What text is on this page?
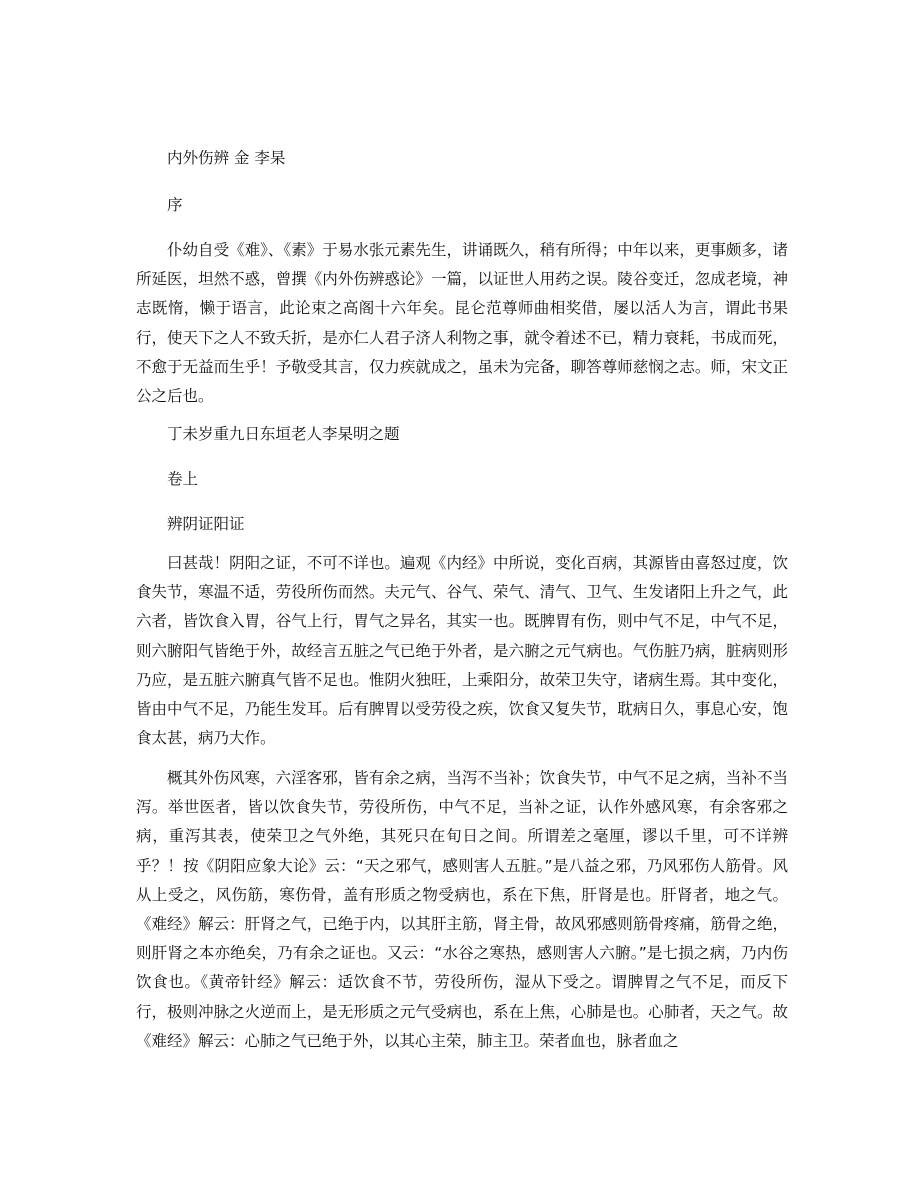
内外伤辨 金 李杲

序

仆幼自受《难》、《素》于易水张元素先生，讲诵既久，稍有所得；中年以来，更事颇多，诸所延医，坦然不惑，曾撰《内外伤辨惑论》一篇，以证世人用药之误。陵谷变迁，忽成老境，神志既惰，懒于语言，此论束之高阁十六年矣。昆仑范尊师曲相奖借，屡以活人为言，谓此书果行，使天下之人不致夭折，是亦仁人君子济人利物之事，就令着述不已，精力衰耗，书成而死，不愈于无益而生乎！予敬受其言，仅力疾就成之，虽未为完备，聊答尊师慈悯之志。师，宋文正公之后也。

丁未岁重九日东垣老人李杲明之题

卷上

辨阴证阳证

曰甚哉！阴阳之证，不可不详也。遍观《内经》中所说，变化百病，其源皆由喜怒过度，饮食失节，寒温不适，劳役所伤而然。夫元气、谷气、荣气、清气、卫气、生发诸阳上升之气，此六者，皆饮食入胃，谷气上行，胃气之异名，其实一也。既脾胃有伤，则中气不足，中气不足，则六腑阳气皆绝于外，故经言五脏之气已绝于外者，是六腑之元气病也。气伤脏乃病，脏病则形乃应，是五脏六腑真气皆不足也。惟阴火独旺，上乘阳分，故荣卫失守，诸病生焉。其中变化，皆由中气不足，乃能生发耳。后有脾胃以受劳役之疾，饮食又复失节，耽病日久，事息心安，饱食太甚，病乃大作。

概其外伤风寒，六淫客邪，皆有余之病，当泻不当补；饮食失节，中气不足之病，当补不当泻。举世医者，皆以饮食失节，劳役所伤，中气不足，当补之证，认作外感风寒，有余客邪之病，重泻其表，使荣卫之气外绝，其死只在旬日之间。所谓差之毫厘，谬以千里，可不详辨乎？！按《阴阳应象大论》云：“天之邪气，感则害人五脏。”是八益之邪，乃风邪伤人筋骨。风从上受之，风伤筋，寒伤骨，盖有形质之物受病也，系在下焦，肝肾是也。肝肾者，地之气。《难经》解云：肝肾之气，已绝于内，以其肝主筋，肾主骨，故风邪感则筋骨疼痛，筋骨之绝，则肝肾之本亦绝矣，乃有余之证也。又云：“水谷之寒热，感则害人六腑。”是七损之病，乃内伤饮食也。《黄帝针经》解云：适饮食不节，劳役所伤，湿从下受之。谓脾胃之气不足，而反下行，极则冲脉之火逆而上，是无形质之元气受病也，系在上焦，心肺是也。心肺者，天之气。故《难经》解云：心肺之气已绝于外，以其心主荣，肺主卫。荣者血也，脉者血之
